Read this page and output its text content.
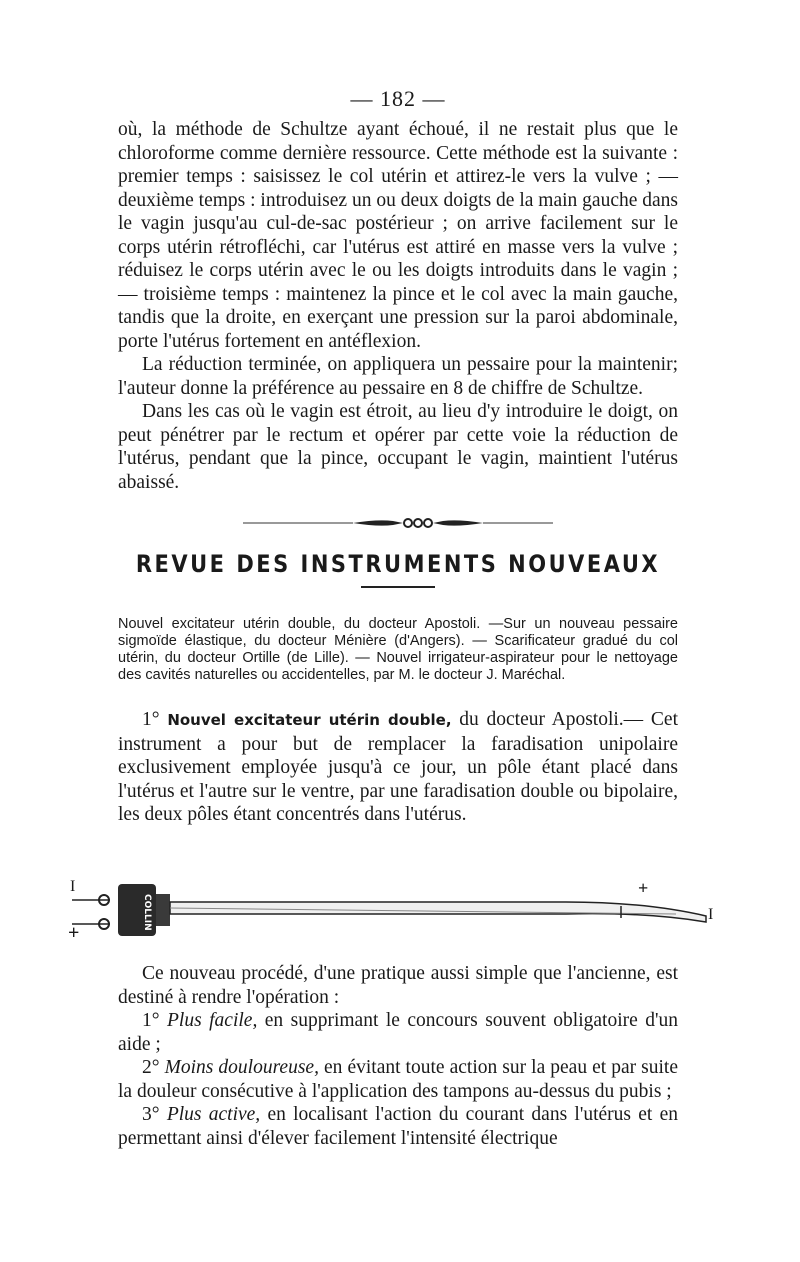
— 182 —

où, la méthode de Schultze ayant échoué, il ne restait plus que le chloroforme comme dernière ressource. Cette méthode est la suivante : premier temps : saisissez le col utérin et attirez-le vers la vulve ; —deuxième temps : introduisez un ou deux doigts de la main gauche dans le vagin jusqu'au cul-de-sac postérieur ; on arrive facilement sur le corps utérin rétrofléchi, car l'utérus est attiré en masse vers la vulve ; réduisez le corps utérin avec le ou les doigts introduits dans le vagin ; — troisième temps : maintenez la pince et le col avec la main gauche, tandis que la droite, en exerçant une pression sur la paroi abdominale, porte l'utérus fortement en antéflexion.

La réduction terminée, on appliquera un pessaire pour la maintenir; l'auteur donne la préférence au pessaire en 8 de chiffre de Schultze.

Dans les cas où le vagin est étroit, au lieu d'y introduire le doigt, on peut pénétrer par le rectum et opérer par cette voie la réduction de l'utérus, pendant que la pince, occupant le vagin, maintient l'utérus abaissé.

REVUE DES INSTRUMENTS NOUVEAUX

Nouvel excitateur utérin double, du docteur Apostoli. —Sur un nouveau pessaire sigmoïde élastique, du docteur Ménière (d'Angers). — Scarificateur gradué du col utérin, du docteur Ortille (de Lille). — Nouvel irrigateur-aspirateur pour le nettoyage des cavités naturelles ou accidentelles, par M. le docteur J. Maréchal.

1° Nouvel excitateur utérin double, du docteur Apostoli.— Cet instrument a pour but de remplacer la faradisation unipolaire exclusivement employée jusqu'à ce jour, un pôle étant placé dans l'utérus et l'autre sur le ventre, par une faradisation double ou bipolaire, les deux pôles étant concentrés dans l'utérus.

COLLIN
+
+
I
I

Ce nouveau procédé, d'une pratique aussi simple que l'ancienne, est destiné à rendre l'opération :

1° Plus facile, en supprimant le concours souvent obligatoire d'un aide ;

2° Moins douloureuse, en évitant toute action sur la peau et par suite la douleur consécutive à l'application des tampons au-dessus du pubis ;

3° Plus active, en localisant l'action du courant dans l'utérus et en permettant ainsi d'élever facilement l'intensité électrique
